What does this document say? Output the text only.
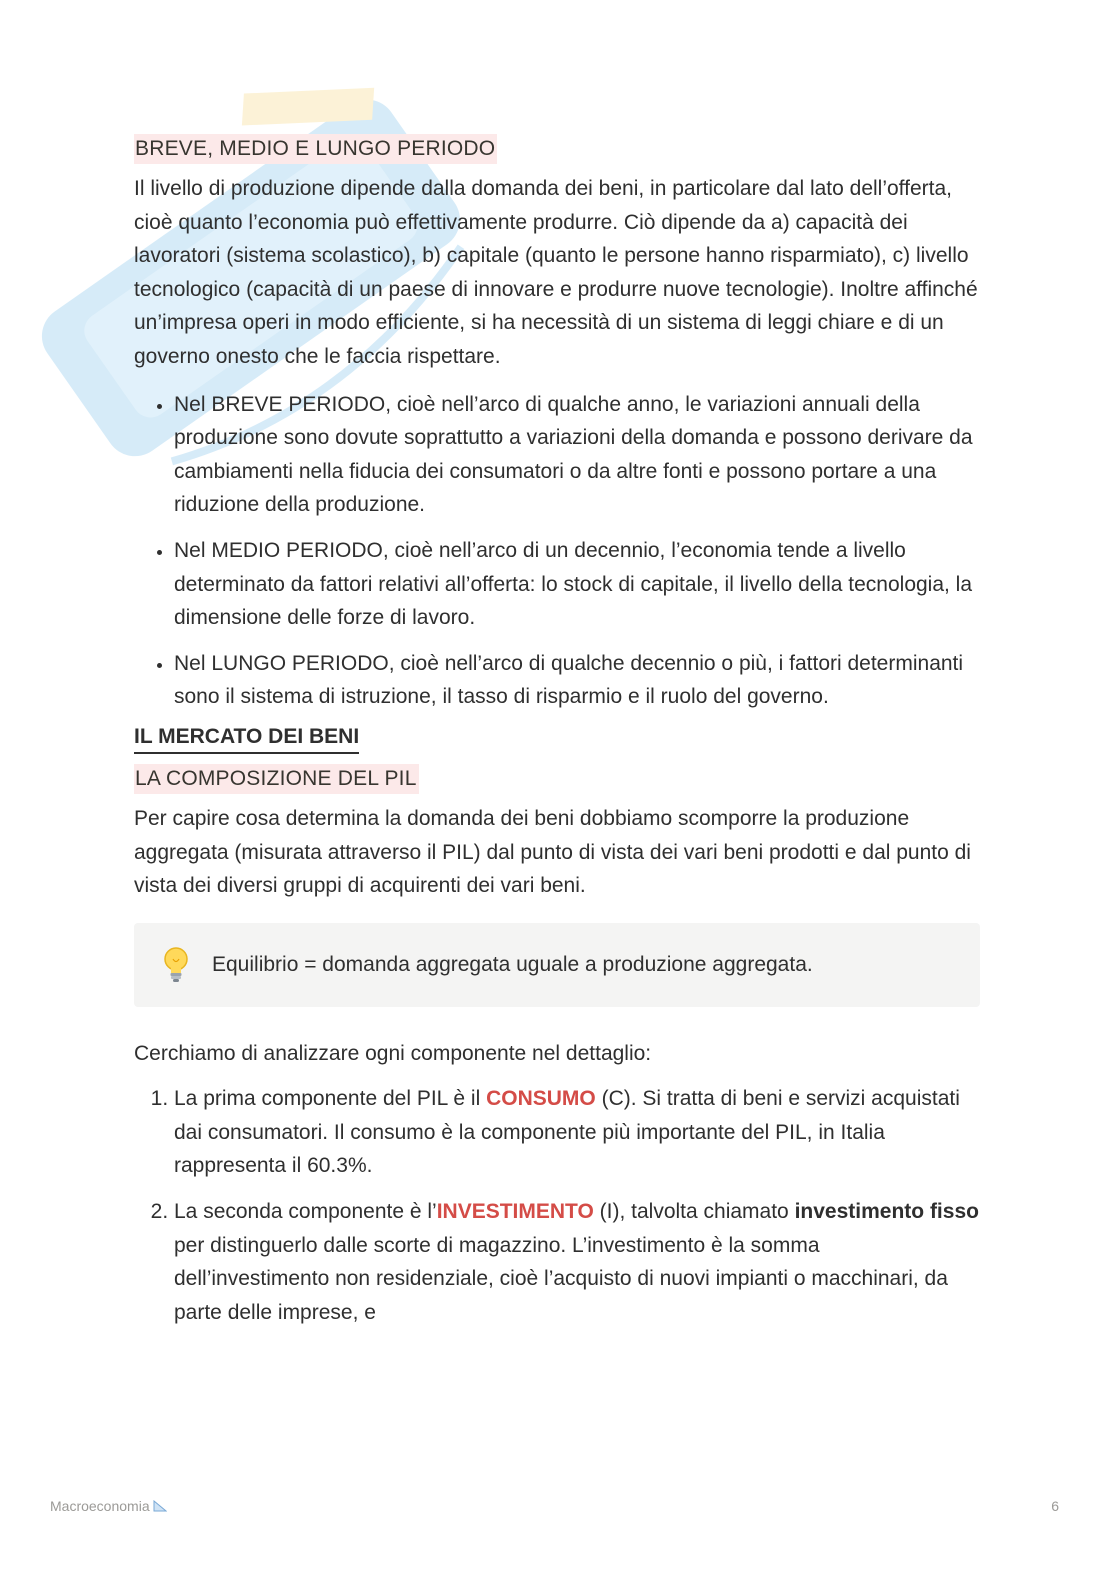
BREVE, MEDIO E LUNGO PERIODO

Il livello di produzione dipende dalla domanda dei beni, in particolare dal lato dell’offerta, cioè quanto l’economia può effettivamente produrre. Ciò dipende da a) capacità dei lavoratori (sistema scolastico), b) capitale (quanto le persone hanno risparmiato), c) livello tecnologico (capacità di un paese di innovare e produrre nuove tecnologie). Inoltre affinché un’impresa operi in modo efficiente, si ha necessità di un sistema di leggi chiare e di un governo onesto che le faccia rispettare.

• Nel BREVE PERIODO, cioè nell’arco di qualche anno, le variazioni annuali della produzione sono dovute soprattutto a variazioni della domanda e possono derivare da cambiamenti nella fiducia dei consumatori o da altre fonti e possono portare a una riduzione della produzione.
• Nel MEDIO PERIODO, cioè nell’arco di un decennio, l’economia tende a livello determinato da fattori relativi all’offerta: lo stock di capitale, il livello della tecnologia, la dimensione delle forze di lavoro.
• Nel LUNGO PERIODO, cioè nell’arco di qualche decennio o più, i fattori determinanti sono il sistema di istruzione, il tasso di risparmio e il ruolo del governo.
IL MERCATO DEI BENI
LA COMPOSIZIONE DEL PIL

Per capire cosa determina la domanda dei beni dobbiamo scomporre la produzione aggregata (misurata attraverso il PIL) dal punto di vista dei vari beni prodotti e dal punto di vista dei diversi gruppi di acquirenti dei vari beni.

Equilibrio = domanda aggregata uguale a produzione aggregata.

Cerchiamo di analizzare ogni componente nel dettaglio:

1. La prima componente del PIL è il CONSUMO (C). Si tratta di beni e servizi acquistati dai consumatori. Il consumo è la componente più importante del PIL, in Italia rappresenta il 60.3%.
2. La seconda componente è l’INVESTIMENTO (I), talvolta chiamato investimento fisso per distinguerlo dalle scorte di magazzino. L’investimento è la somma dell’investimento non residenziale, cioè l’acquisto di nuovi impianti o macchinari, da parte delle imprese, e
Macroeconomia	6
